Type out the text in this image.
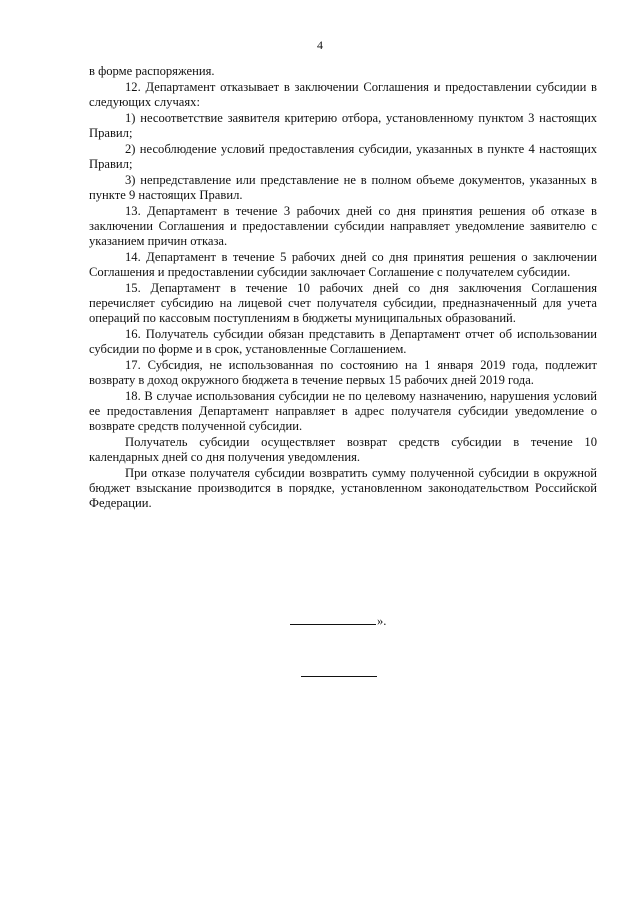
4

в форме распоряжения.

12. Департамент отказывает в заключении Соглашения и предоставлении субсидии в следующих случаях:

1) несоответствие заявителя критерию отбора, установленному пунктом 3 настоящих Правил;

2) несоблюдение условий предоставления субсидии, указанных в пункте 4 настоящих Правил;

3) непредставление или представление не в полном объеме документов, указанных в пункте 9 настоящих Правил.

13. Департамент в течение 3 рабочих дней со дня принятия решения об отказе в заключении Соглашения и предоставлении субсидии направляет уведомление заявителю с указанием причин отказа.

14. Департамент в течение 5 рабочих дней со дня принятия решения о заключении Соглашения и предоставлении субсидии заключает Соглашение с получателем субсидии.

15. Департамент в течение 10 рабочих дней со дня заключения Соглашения перечисляет субсидию на лицевой счет получателя субсидии, предназначенный для учета операций по кассовым поступлениям в бюджеты муниципальных образований.

16. Получатель субсидии обязан представить в Департамент отчет об использовании субсидии по форме и в срок, установленные Соглашением.

17. Субсидия, не использованная по состоянию на 1 января 2019 года, подлежит возврату в доход окружного бюджета в течение первых 15 рабочих дней 2019 года.

18. В случае использования субсидии не по целевому назначению, нарушения условий ее предоставления Департамент направляет в адрес получателя субсидии уведомление о возврате средств полученной субсидии.

Получатель субсидии осуществляет возврат средств субсидии в течение 10 календарных дней со дня получения уведомления.

При отказе получателя субсидии возвратить сумму полученной субсидии в окружной бюджет взыскание производится в порядке, установленном законодательством Российской Федерации.

».
